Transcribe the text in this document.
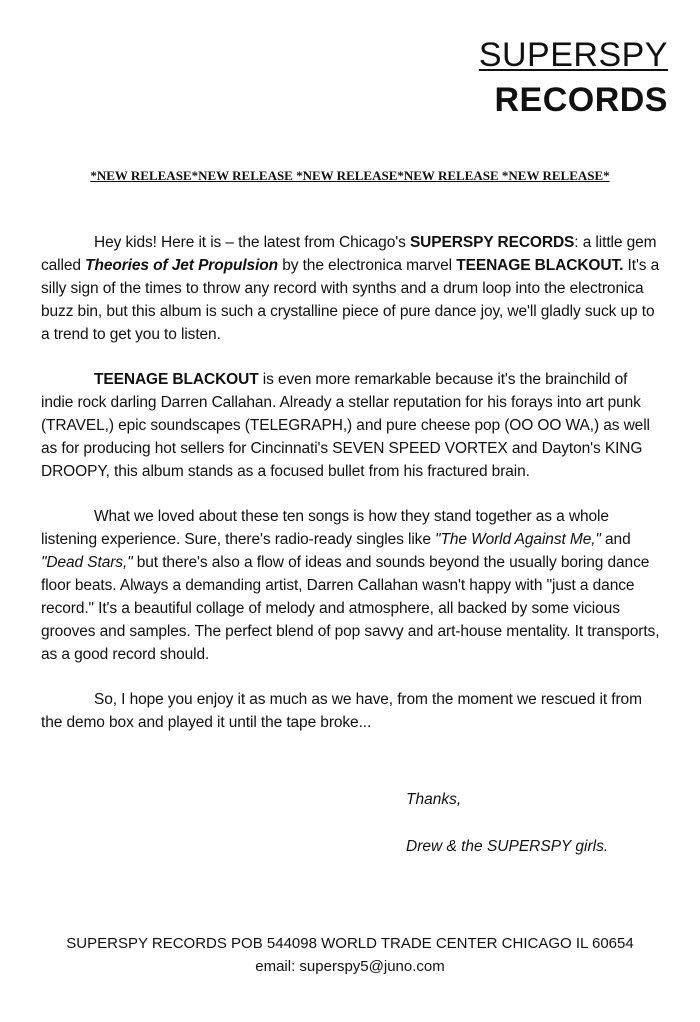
SUPERSPY
RECORDS
*NEW RELEASE*NEW RELEASE *NEW RELEASE*NEW RELEASE *NEW RELEASE*

Hey kids! Here it is – the latest from Chicago's SUPERSPY RECORDS: a little gem called Theories of Jet Propulsion by the electronica marvel TEENAGE BLACKOUT. It's a silly sign of the times to throw any record with synths and a drum loop into the electronica buzz bin, but this album is such a crystalline piece of pure dance joy, we'll gladly suck up to a trend to get you to listen.

TEENAGE BLACKOUT is even more remarkable because it's the brainchild of indie rock darling Darren Callahan. Already a stellar reputation for his forays into art punk (TRAVEL,) epic soundscapes (TELEGRAPH,) and pure cheese pop (OO OO WA,) as well as for producing hot sellers for Cincinnati's SEVEN SPEED VORTEX and Dayton's KING DROOPY, this album stands as a focused bullet from his fractured brain.

What we loved about these ten songs is how they stand together as a whole listening experience. Sure, there's radio-ready singles like "The World Against Me," and "Dead Stars," but there's also a flow of ideas and sounds beyond the usually boring dance floor beats. Always a demanding artist, Darren Callahan wasn't happy with "just a dance record." It's a beautiful collage of melody and atmosphere, all backed by some vicious grooves and samples. The perfect blend of pop savvy and art-house mentality. It transports, as a good record should.

So, I hope you enjoy it as much as we have, from the moment we rescued it from the demo box and played it until the tape broke...

Thanks,
Drew & the SUPERSPY girls.
SUPERSPY RECORDS POB 544098 WORLD TRADE CENTER CHICAGO IL 60654
email: superspy5@juno.com
